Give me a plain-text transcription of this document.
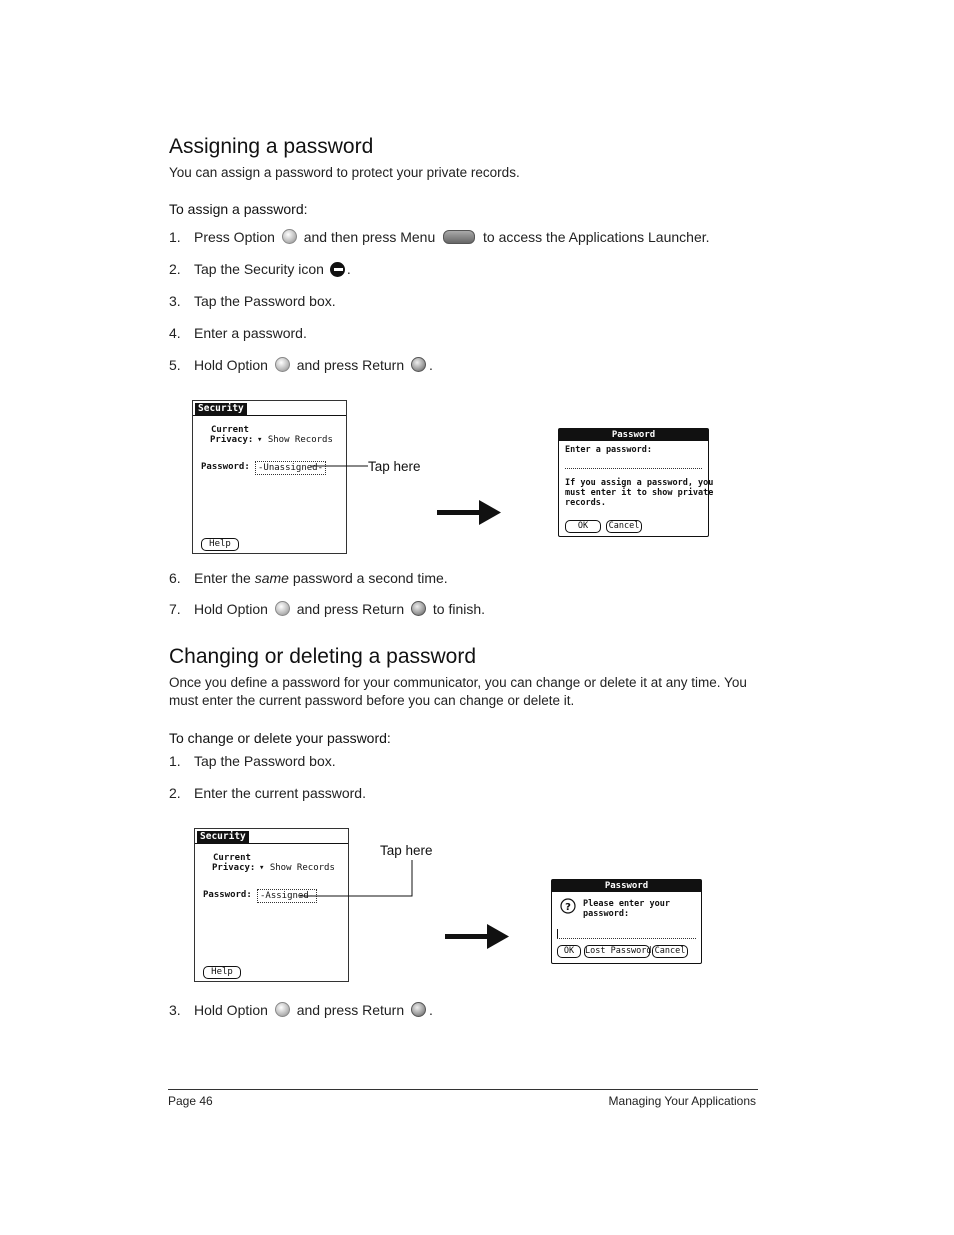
Assigning a password
You can assign a password to protect your private records.
To assign a password:
1. Press Option and then press Menu	to access the Applications Launcher.
2. Tap the Security icon .
3. Tap the Password box.
4. Enter a password.
5. Hold Option and press Return .
Security
Current
Privacy: ▾ Show Records
Password: -Unassigned-
Help
Tap here
Password
Enter a password:
If you assign a password, you
must enter it to show private
records.
OK	Cancel
6. Enter the same password a second time.
7. Hold Option and press Return to finish.
Changing or deleting a password
Once you define a password for your communicator, you can change or delete it at any time. You
must enter the current password before you can change or delete it.
To change or delete your password:
1. Tap the Password box.
2. Enter the current password.
Security
Current
Privacy: ▾ Show Records
Password: -Assigned-
Help
Tap here
Password
? Please enter your
password:
OK	Lost Password Cancel
3. Hold Option and press Return .
Page 46	Managing Your Applications
